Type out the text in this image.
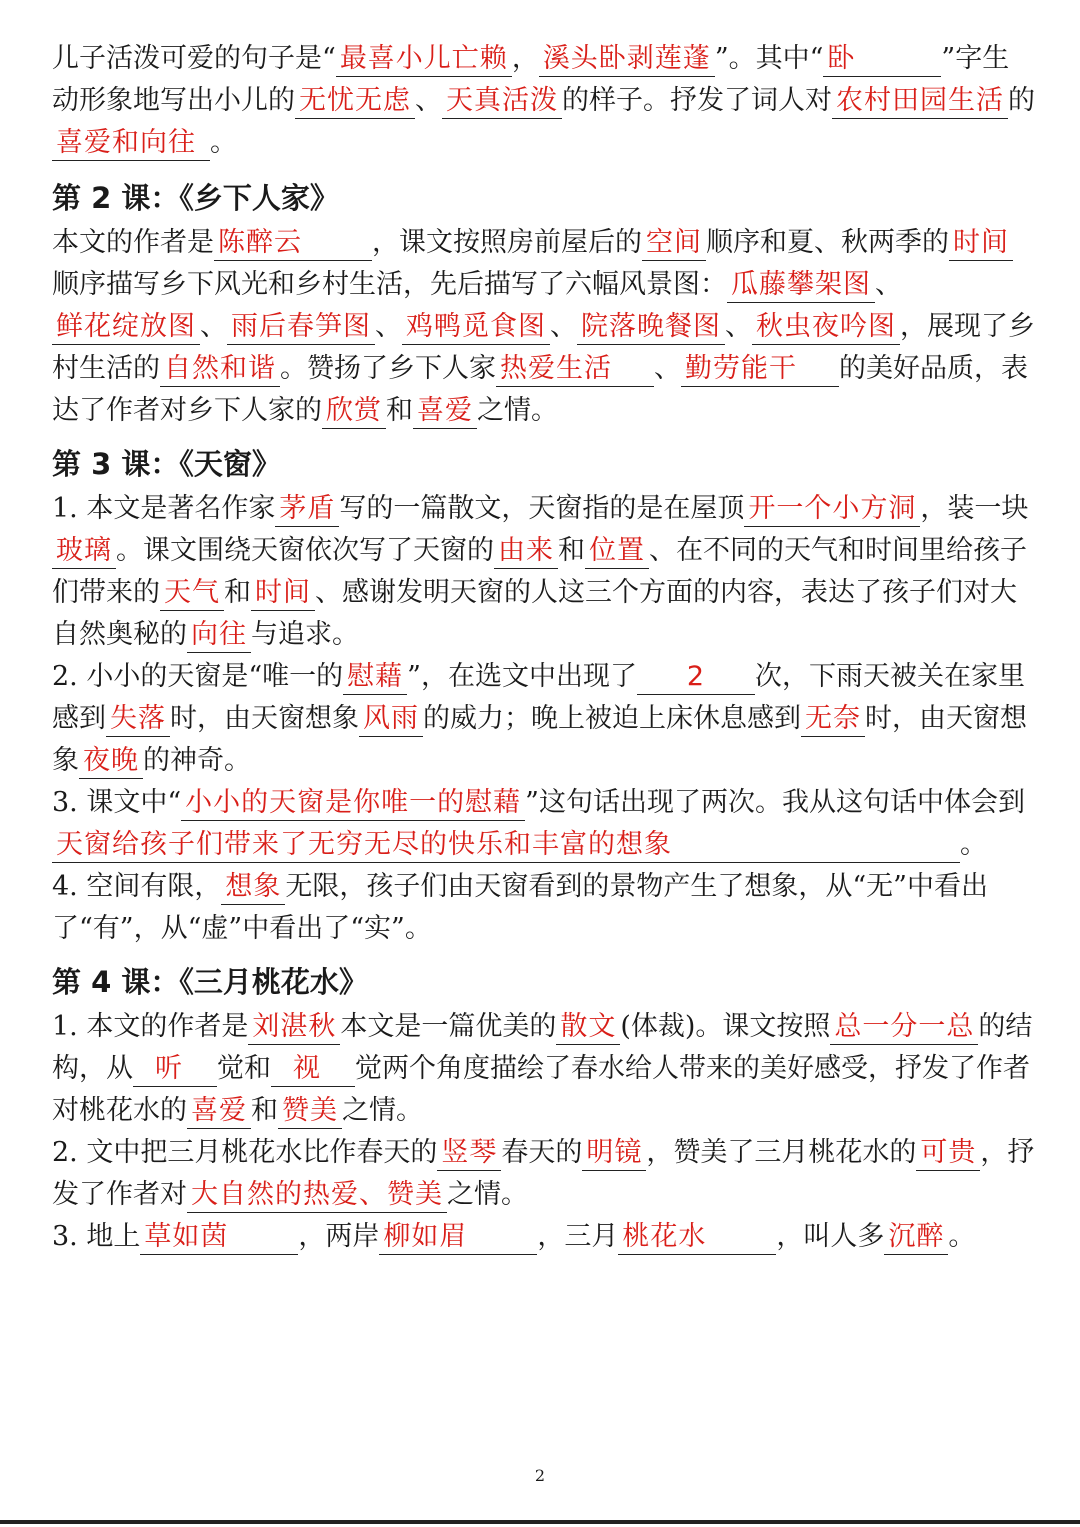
儿子活泼可爱的句子是“ 最喜小儿亡赖 ， 溪头卧剥莲蓬 ”。其中“ 卧	”字生动形象地写出小儿的 无忧无虑 、 天真活泼 的样子。抒发了词人对 农村田园生活 的喜爱和向往 。

第 2 课：《乡下人家》

本文的作者是 陈醉云	，课文按照房前屋后的 空间 顺序和夏、秋两季的 时间顺序描写乡下风光和乡村生活，先后描写了六幅风景图： 瓜藤攀架图 、鲜花绽放图 、 雨后春笋图 、 鸡鸭觅食图 、 院落晚餐图 、 秋虫夜吟图 ，展现了乡村生活的 自然和谐 。赞扬了乡下人家 热爱生活 、 勤劳能干 的美好品质，表达了作者对乡下人家的 欣赏 和 喜爱 之情。

第 3 课：《天窗》

1. 本文是著名作家 茅盾 写的一篇散文，天窗指的是在屋顶 开一个小方洞 ，装一块玻璃 。课文围绕天窗依次写了天窗的 由来 和 位置 、在不同的天气和时间里给孩子们带来的 天气 和 时间 、感谢发明天窗的人这三个方面的内容，表达了孩子们对大自然奥秘的 向往 与追求。

2. 小小的天窗是“唯一的 慰藉 ”，在选文中出现了 2 次，下雨天被关在家里感到 失落 时，由天窗想象 风雨 的威力；晚上被迫上床休息感到 无奈 时，由天窗想象 夜晚 的神奇。

3. 课文中“ 小小的天窗是你唯一的慰藉 ”这句话出现了两次。我从这句话中体会到天窗给孩子们带来了无穷无尽的快乐和丰富的想象	。

4. 空间有限， 想象 无限，孩子们由天窗看到的景物产生了想象，从“无”中看出了“有”，从“虚”中看出了“实”。

第 4 课：《三月桃花水》

1. 本文的作者是 刘湛秋 本文是一篇优美的 散文 (体裁)。课文按照 总一分一总 的结构，从 听 觉和 视 觉两个角度描绘了春水给人带来的美好感受，抒发了作者对桃花水的 喜爱 和 赞美 之情。

2. 文中把三月桃花水比作春天的 竖琴 春天的 明镜 ，赞美了三月桃花水的 可贵 ，抒发了作者对 大自然的热爱、赞美 之情。

3. 地上 草如茵	，两岸 柳如眉	，三月 桃花水	，叫人多 沉醉 。

2
